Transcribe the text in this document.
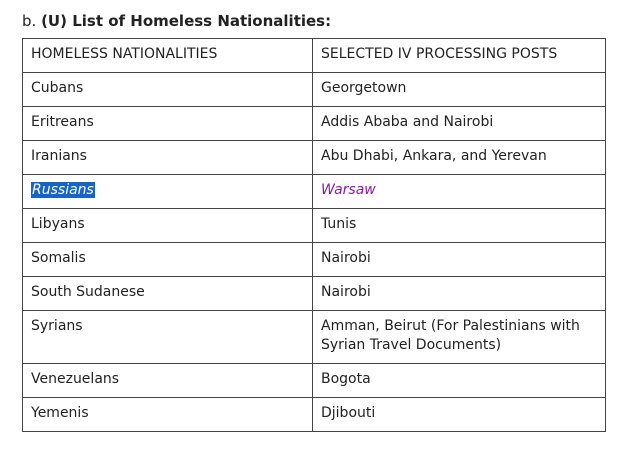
b. (U) List of Homeless Nationalities:
HOMELESS NATIONALITIES	SELECTED IV PROCESSING POSTS
Cubans	Georgetown
Eritreans	Addis Ababa and Nairobi
Iranians	Abu Dhabi, Ankara, and Yerevan
Russians	Warsaw
Libyans	Tunis
Somalis	Nairobi
South Sudanese	Nairobi
Syrians	Amman, Beirut (For Palestinians with Syrian Travel Documents)
Venezuelans	Bogota
Yemenis	Djibouti
